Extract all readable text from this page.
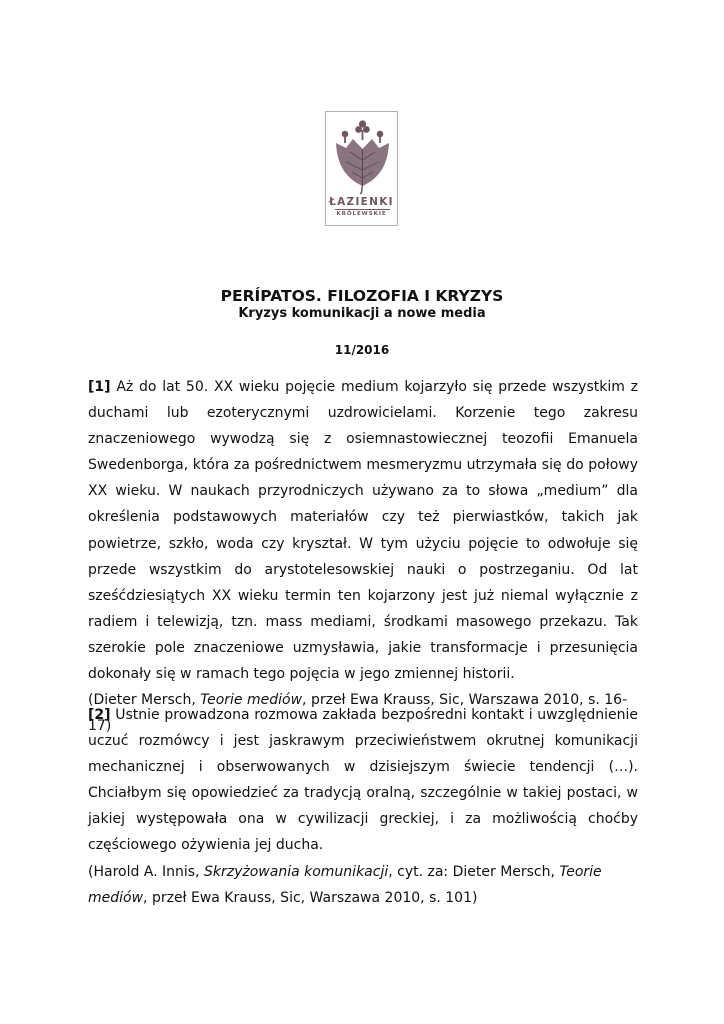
ŁAZIENKI
KRÓLEWSKIE
PERÍPATOS. FILOZOFIA I KRYZYS
Kryzys komunikacji a nowe media
11/2016
[1] Aż do lat 50. XX wieku pojęcie medium kojarzyło się przede wszystkim z duchami lub ezoterycznymi uzdrowicielami. Korzenie tego zakresu znaczeniowego wywodzą się z osiemnastowiecznej teozofii Emanuela Swedenborga, która za pośrednictwem mesmeryzmu utrzymała się do połowy XX wieku. W naukach przyrodniczych używano za to słowa „medium” dla określenia podstawowych materiałów czy też pierwiastków, takich jak powietrze, szkło, woda czy kryształ. W tym użyciu pojęcie to odwołuje się przede wszystkim do arystotelesowskiej nauki o postrzeganiu. Od lat sześćdziesiątych XX wieku termin ten kojarzony jest już niemal wyłącznie z radiem i telewizją, tzn. mass mediami, środkami masowego przekazu. Tak szerokie pole znaczeniowe uzmysławia, jakie transformacje i przesunięcia dokonały się w ramach tego pojęcia w jego zmiennej historii.
(Dieter Mersch, Teorie mediów, przeł Ewa Krauss, Sic, Warszawa 2010, s. 16-17)
[2] Ustnie prowadzona rozmowa zakłada bezpośredni kontakt i uwzględnienie uczuć rozmówcy i jest jaskrawym przeciwieństwem okrutnej komunikacji mechanicznej i obserwowanych w dzisiejszym świecie tendencji (…). Chciałbym się opowiedzieć za tradycją oralną, szczególnie w takiej postaci, w jakiej występowała ona w cywilizacji greckiej, i za możliwością choćby częściowego ożywienia jej ducha.
(Harold A. Innis, Skrzyżowania komunikacji, cyt. za: Dieter Mersch, Teorie mediów, przeł Ewa Krauss, Sic, Warszawa 2010, s. 101)
